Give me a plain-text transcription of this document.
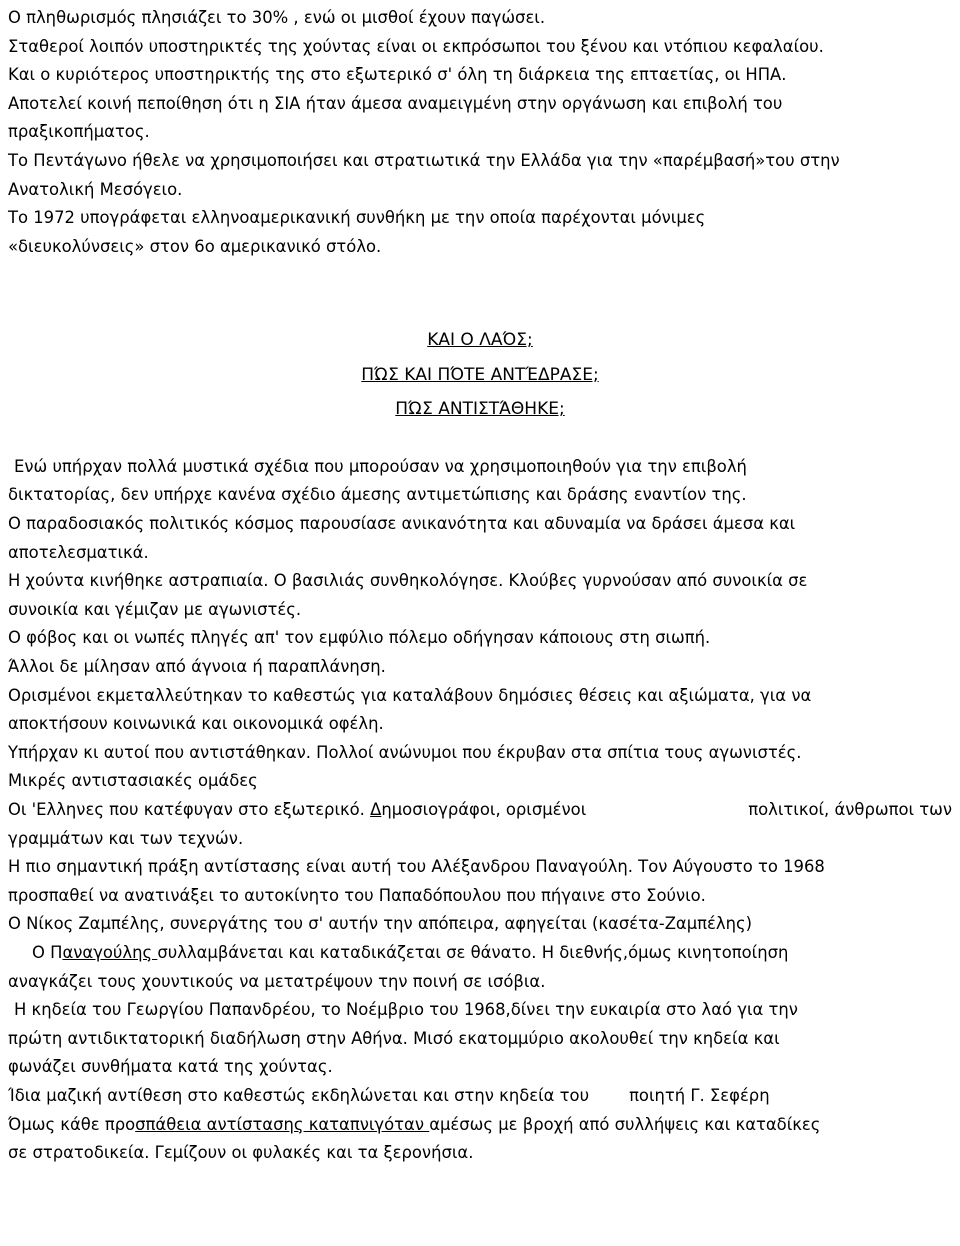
Ο πληθωρισμός πλησιάζει το 30% , ενώ οι μισθοί έχουν παγώσει.

Σταθεροί λοιπόν υποστηρικτές της χούντας είναι οι εκπρόσωποι του ξένου και ντόπιου κεφαλαίου.

Και ο κυριότερος υποστηρικτής της στο εξωτερικό σ' όλη τη διάρκεια της επταετίας, οι ΗΠΑ.

Αποτελεί κοινή πεποίθηση ότι η ΣΙΑ ήταν άμεσα αναμειγμένη στην οργάνωση και επιβολή του

πραξικοπήματος.

Το Πεντάγωνο ήθελε να χρησιμοποιήσει και στρατιωτικά την Ελλάδα για την «παρέμβασή»του στην

Ανατολική Μεσόγειο.

Το 1972 υπογράφεται ελληνοαμερικανική συνθήκη με την οποία παρέχονται μόνιμες

«διευκολύνσεις» στον 6ο αμερικανικό στόλο.

ΚΑΙ Ο ΛΑΌΣ;

ΠΏΣ ΚΑΙ ΠΌΤΕ ΑΝΤΈΔΡΑΣΕ;

ΠΏΣ ΑΝΤΙΣΤΆΘΗΚΕ;

Ενώ υπήρχαν πολλά μυστικά σχέδια που μπορούσαν να χρησιμοποιηθούν για την επιβολή

δικτατορίας, δεν υπήρχε κανένα σχέδιο άμεσης αντιμετώπισης και δράσης εναντίον της.

Ο παραδοσιακός πολιτικός κόσμος παρουσίασε ανικανότητα και αδυναμία να δράσει άμεσα και

αποτελεσματικά.

Η χούντα κινήθηκε αστραπιαία. Ο βασιλιάς συνθηκολόγησε. Κλούβες γυρνούσαν από συνοικία σε

συνοικία και γέμιζαν με αγωνιστές.

Ο φόβος και οι νωπές πληγές απ' τον εμφύλιο πόλεμο οδήγησαν κάποιους στη σιωπή.

Άλλοι δε μίλησαν από άγνοια ή παραπλάνηση.

Ορισμένοι εκμεταλλεύτηκαν το καθεστώς για καταλάβουν δημόσιες θέσεις και αξιώματα, για να

αποκτήσουν κοινωνικά και οικονομικά οφέλη.

Υπήρχαν κι αυτοί που αντιστάθηκαν. Πολλοί ανώνυμοι που έκρυβαν στα σπίτια τους αγωνιστές.

Μικρές αντιστασιακές ομάδες

Οι 'Ελληνες που κατέφυγαν στο εξωτερικό. Δημοσιογράφοι, ορισμένοι	πολιτικοί, άνθρωποι των

γραμμάτων και των τεχνών.

Η πιο σημαντική πράξη αντίστασης είναι αυτή του Αλέξανδρου Παναγούλη. Τον Αύγουστο το 1968

προσπαθεί να ανατινάξει το αυτοκίνητο του Παπαδόπουλου που πήγαινε στο Σούνιο.

Ο Νίκος Ζαμπέλης, συνεργάτης του σ' αυτήν την απόπειρα, αφηγείται (κασέτα-Ζαμπέλης)

Ο Παναγούλης συλλαμβάνεται και καταδικάζεται σε θάνατο. Η διεθνής,όμως κινητοποίηση

αναγκάζει τους χουντικούς να μετατρέψουν την ποινή σε ισόβια.

Η κηδεία του Γεωργίου Παπανδρέου, το Νοέμβριο του 1968,δίνει την ευκαιρία στο λαό για την

πρώτη αντιδικτατορική διαδήλωση στην Αθήνα. Μισό εκατομμύριο ακολουθεί την κηδεία και

φωνάζει συνθήματα κατά της χούντας.

Ίδια μαζική αντίθεση στο καθεστώς εκδηλώνεται και στην κηδεία του ποιητή Γ. Σεφέρη

Όμως κάθε προσπάθεια αντίστασης καταπνιγόταν αμέσως με βροχή από συλλήψεις και καταδίκες

σε στρατοδικεία. Γεμίζουν οι φυλακές και τα ξερονήσια.
